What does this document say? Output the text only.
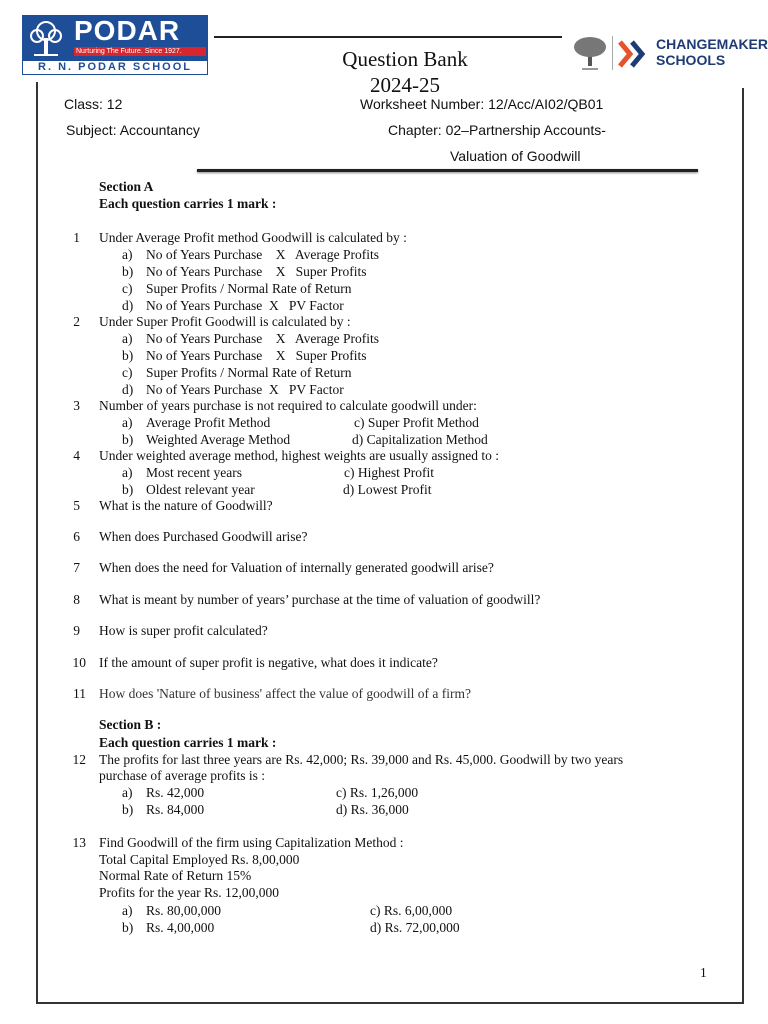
PODAR
Nurturing The Future. Since 1927.
R. N. PODAR SCHOOL	Question Bank
2024-25
CHANGEMAKER
SCHOOLS
Class: 12	Worksheet Number: 12/Acc/AI02/QB01
Subject: Accountancy	Chapter: 02–Partnership Accounts-
Valuation of Goodwill
Section A
Each question carries 1 mark :
1 Under Average Profit method Goodwill is calculated by :
a) No of Years Purchase    X   Average Profits
b) No of Years Purchase    X   Super Profits
c) Super Profits / Normal Rate of Return
d) No of Years Purchase  X   PV Factor
2 Under Super Profit Goodwill is calculated by :
a) No of Years Purchase    X   Average Profits
b) No of Years Purchase    X   Super Profits
c) Super Profits / Normal Rate of Return
d) No of Years Purchase  X   PV Factor
3 Number of years purchase is not required to calculate goodwill under:
a) Average Profit Method	c) Super Profit Method
b) Weighted Average Method	d) Capitalization Method
4 Under weighted average method, highest weights are usually assigned to :
a) Most recent years	c) Highest Profit
b) Oldest relevant year	d) Lowest Profit
5 What is the nature of Goodwill?
6 When does Purchased Goodwill arise?
7 When does the need for Valuation of internally generated goodwill arise?
8 What is meant by number of years’ purchase at the time of valuation of goodwill?
9 How is super profit calculated?
10 If the amount of super profit is negative, what does it indicate?
11 How does 'Nature of business' affect the value of goodwill of a firm?
Section B :
Each question carries 1 mark :
12 The profits for last three years are Rs. 42,000; Rs. 39,000 and Rs. 45,000. Goodwill by two years
purchase of average profits is :
a) Rs. 42,000	c) Rs. 1,26,000
b) Rs. 84,000	d) Rs. 36,000
13 Find Goodwill of the firm using Capitalization Method :
Total Capital Employed Rs. 8,00,000
Normal Rate of Return 15%
Profits for the year Rs. 12,00,000
a) Rs. 80,00,000	c) Rs. 6,00,000
b) Rs. 4,00,000	d) Rs. 72,00,000
1
